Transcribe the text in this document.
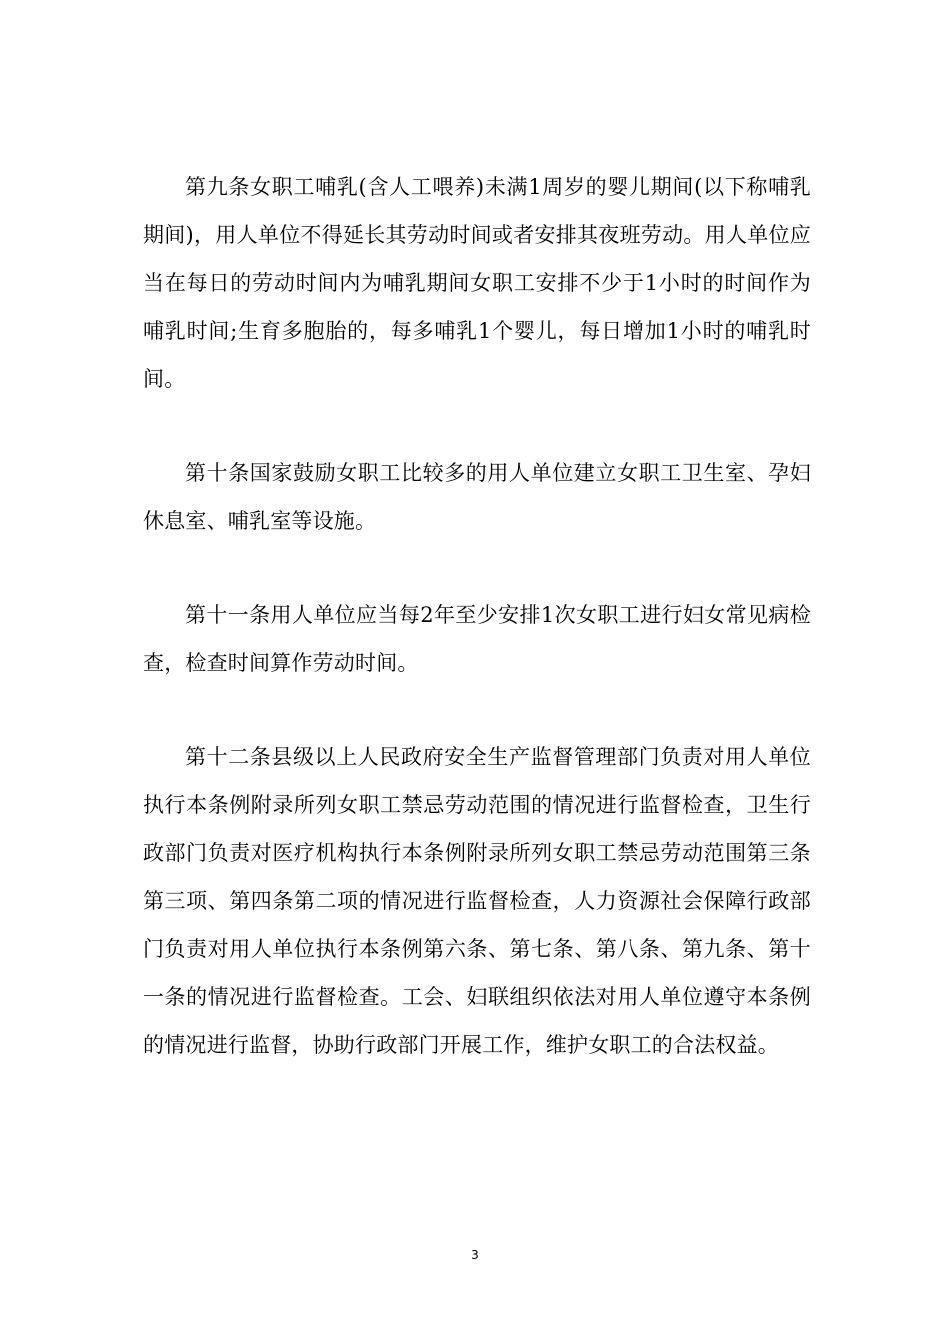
第九条女职工哺乳(含人工喂养)未满1周岁的婴儿期间(以下称哺乳期间)，用人单位不得延长其劳动时间或者安排其夜班劳动。用人单位应当在每日的劳动时间内为哺乳期间女职工安排不少于1小时的时间作为哺乳时间;生育多胞胎的，每多哺乳1个婴儿，每日增加1小时的哺乳时间。

第十条国家鼓励女职工比较多的用人单位建立女职工卫生室、孕妇休息室、哺乳室等设施。

第十一条用人单位应当每2年至少安排1次女职工进行妇女常见病检查，检查时间算作劳动时间。

第十二条县级以上人民政府安全生产监督管理部门负责对用人单位执行本条例附录所列女职工禁忌劳动范围的情况进行监督检查，卫生行政部门负责对医疗机构执行本条例附录所列女职工禁忌劳动范围第三条第三项、第四条第二项的情况进行监督检查，人力资源社会保障行政部门负责对用人单位执行本条例第六条、第七条、第八条、第九条、第十一条的情况进行监督检查。工会、妇联组织依法对用人单位遵守本条例的情况进行监督，协助行政部门开展工作，维护女职工的合法权益。

3
